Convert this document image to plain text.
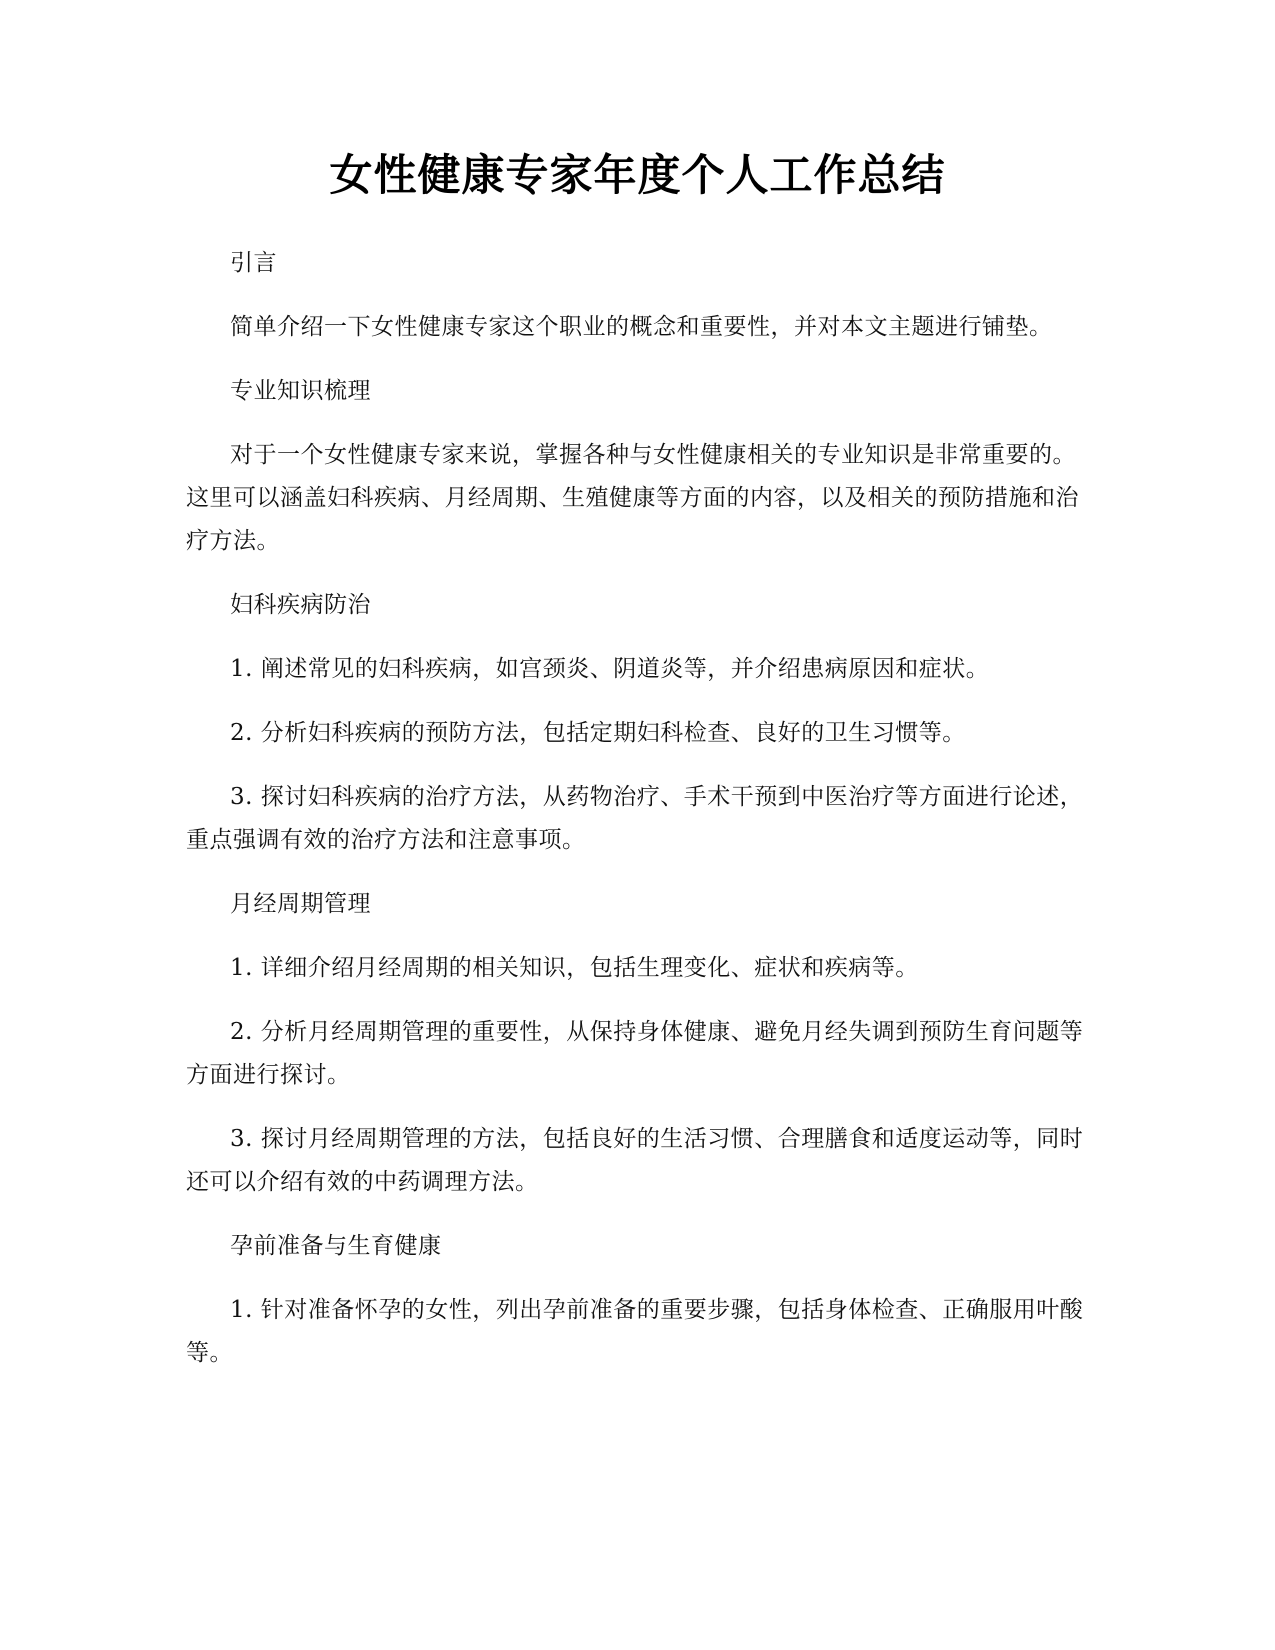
女性健康专家年度个人工作总结

引言

简单介绍一下女性健康专家这个职业的概念和重要性，并对本文主题进行铺垫。

专业知识梳理

对于一个女性健康专家来说，掌握各种与女性健康相关的专业知识是非常重要的。这里可以涵盖妇科疾病、月经周期、生殖健康等方面的内容，以及相关的预防措施和治疗方法。

妇科疾病防治

1. 阐述常见的妇科疾病，如宫颈炎、阴道炎等，并介绍患病原因和症状。

2. 分析妇科疾病的预防方法，包括定期妇科检查、良好的卫生习惯等。

3. 探讨妇科疾病的治疗方法，从药物治疗、手术干预到中医治疗等方面进行论述，重点强调有效的治疗方法和注意事项。

月经周期管理

1. 详细介绍月经周期的相关知识，包括生理变化、症状和疾病等。

2. 分析月经周期管理的重要性，从保持身体健康、避免月经失调到预防生育问题等方面进行探讨。

3. 探讨月经周期管理的方法，包括良好的生活习惯、合理膳食和适度运动等，同时还可以介绍有效的中药调理方法。

孕前准备与生育健康

1. 针对准备怀孕的女性，列出孕前准备的重要步骤，包括身体检查、正确服用叶酸等。
